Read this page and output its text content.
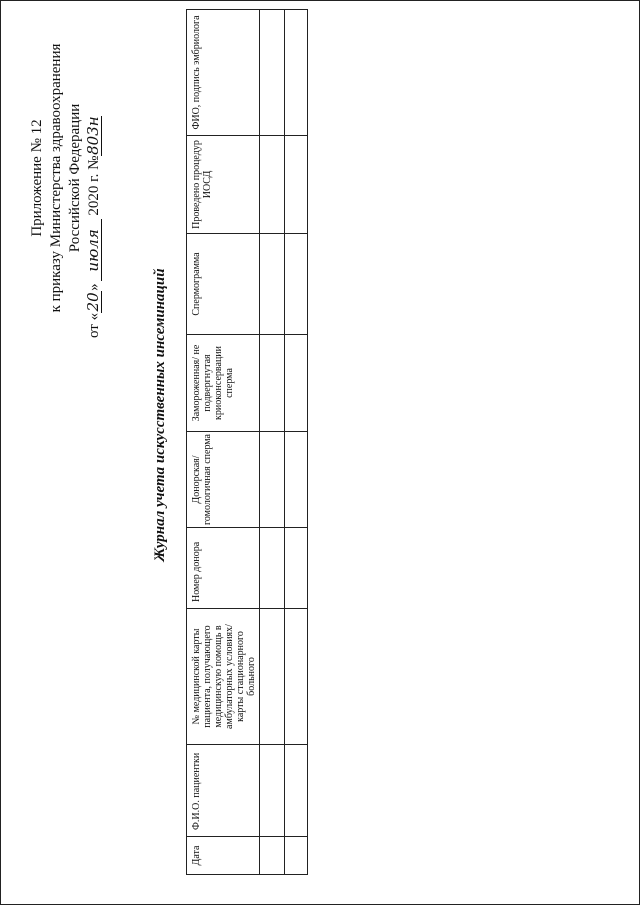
Приложение № 12 к приказу Министерства здравоохранения Российской Федерации
от «20»июля 2020 г. №803н
Журнал учета искусственных инсеминаций
Дата	Ф.И.О. пациентки	№ медицинской карты пациента, получающего медицинскую помощь в амбулаторных условиях/ карты стационарного больного	Номер донора	Донорская/ гомологичная сперма	Замороженная/ не подвергнутая криоконсервации сперма	Спермограмма	Проведено процедур ИОСД	ФИО, подпись эмбриолога
